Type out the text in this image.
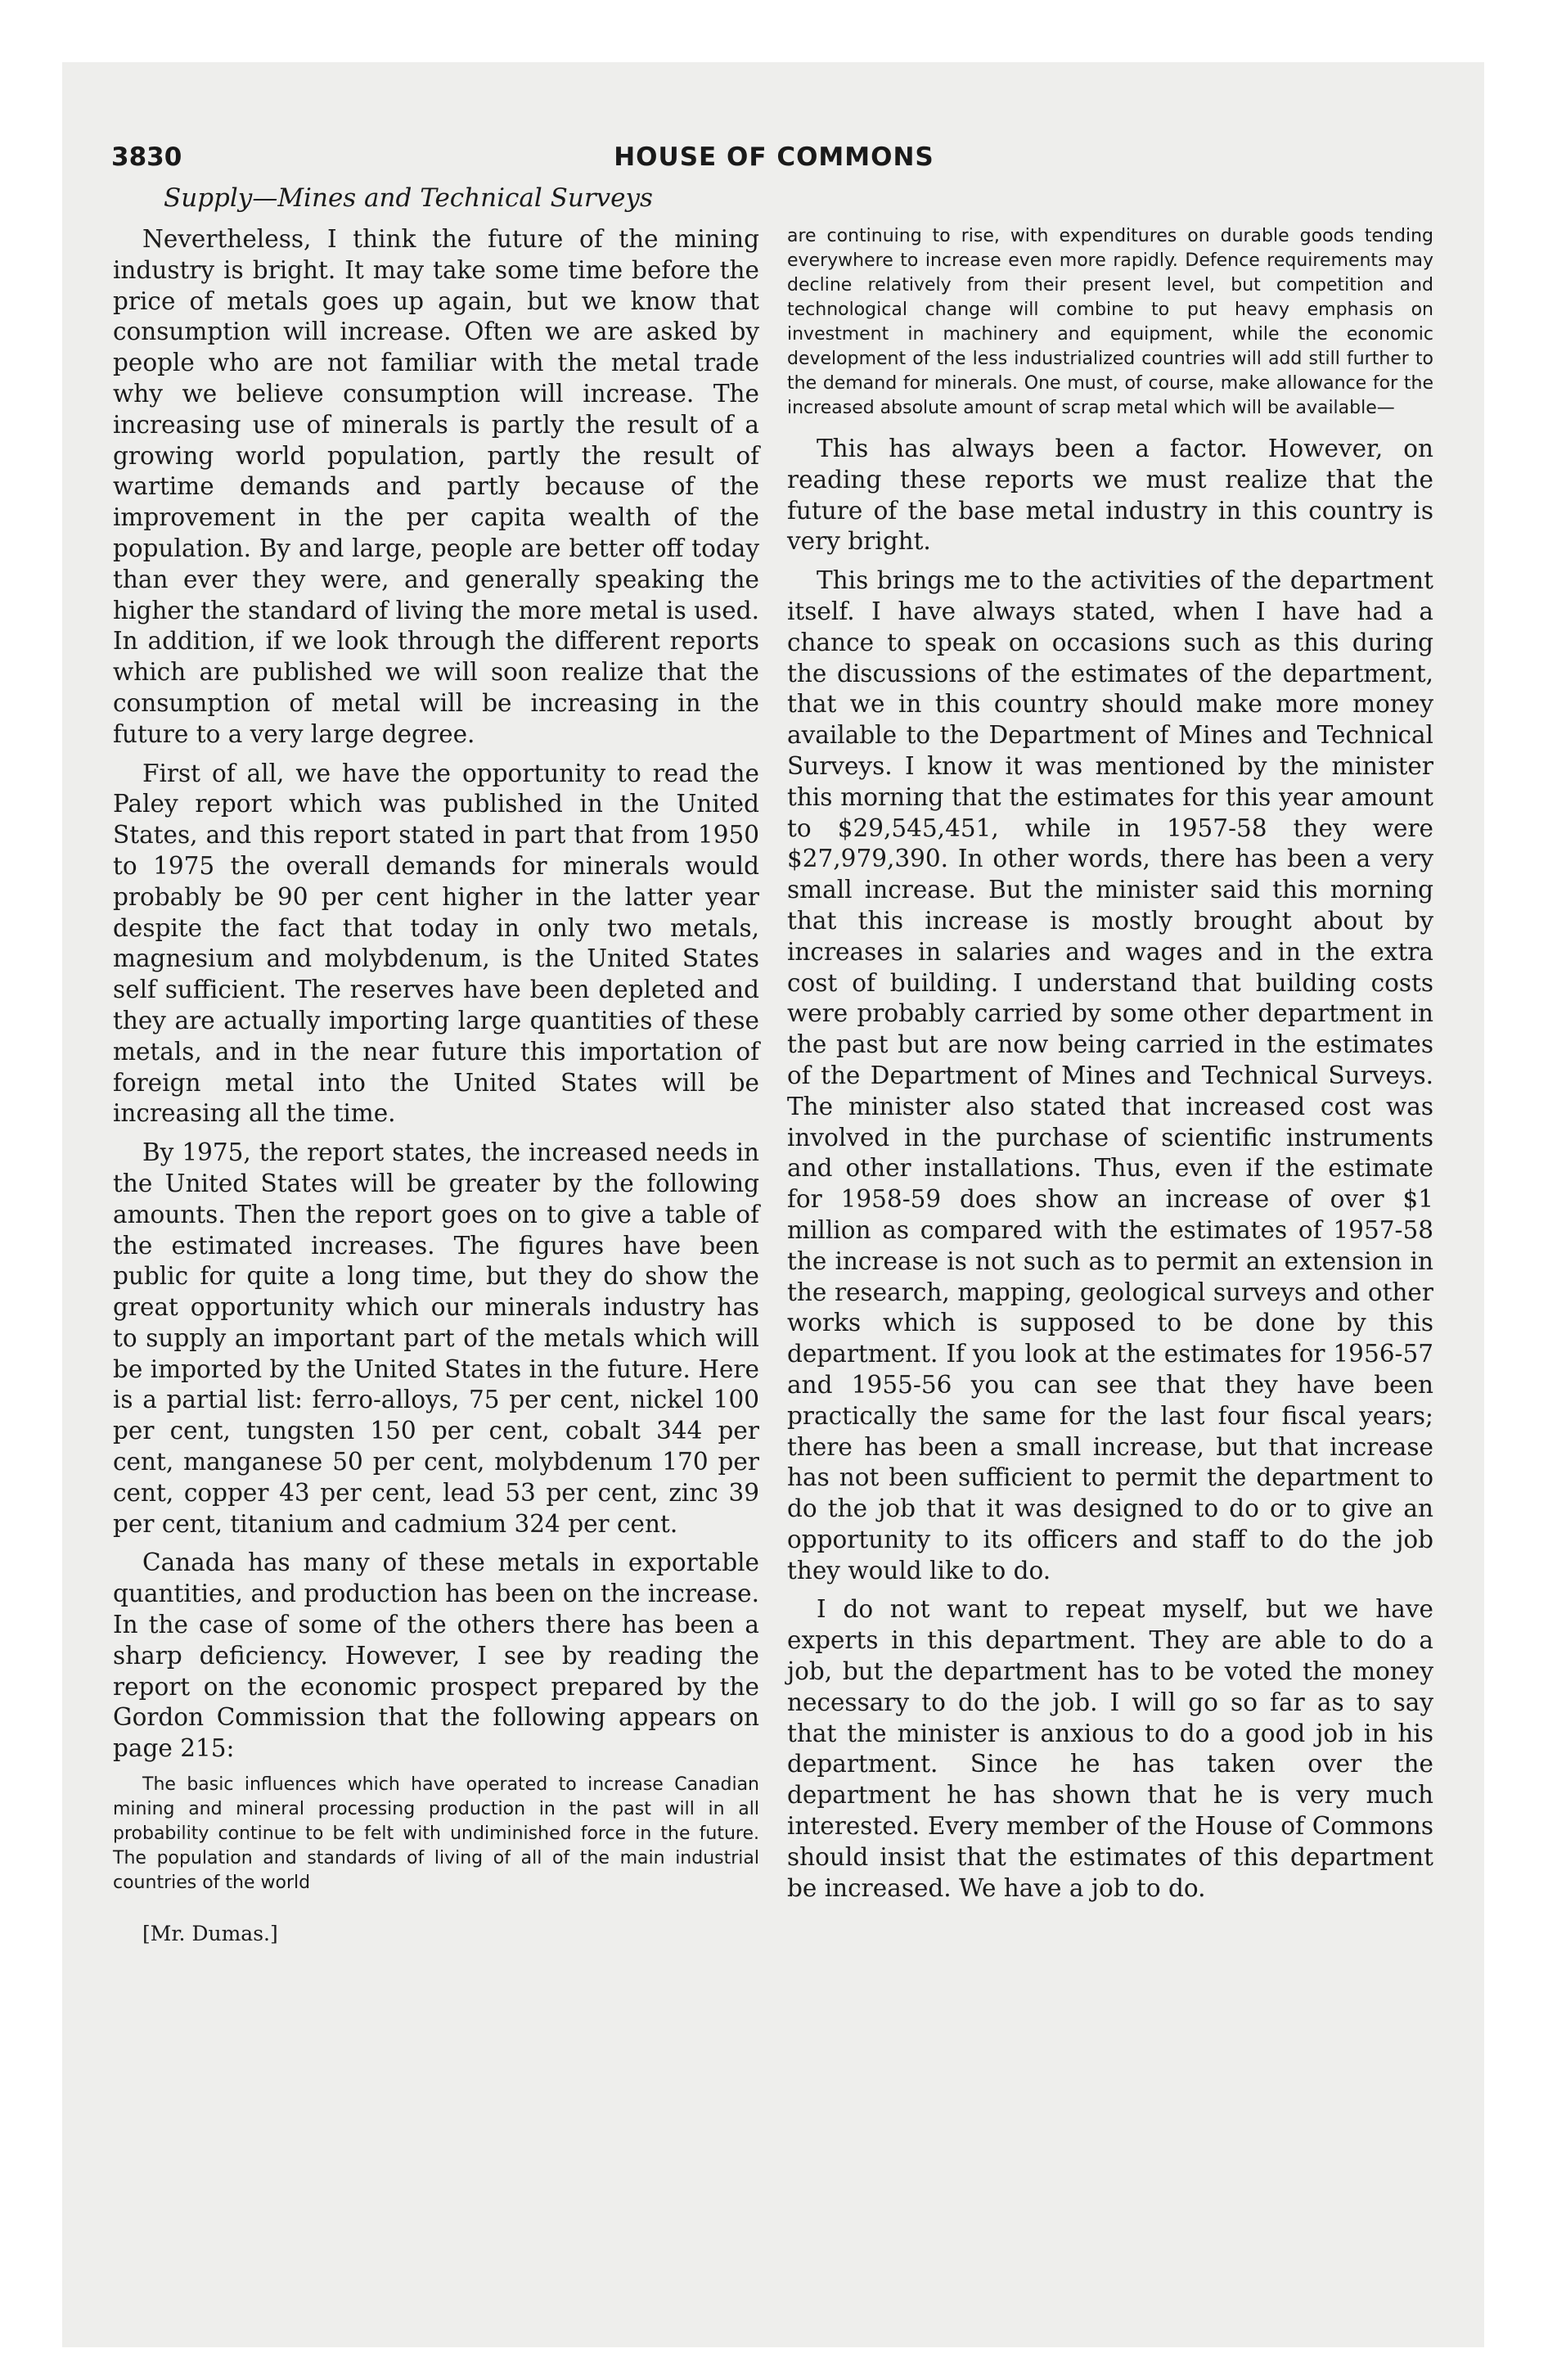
3830	HOUSE OF COMMONS
Supply—Mines and Technical Surveys

Nevertheless, I think the future of the mining industry is bright. It may take some time before the price of metals goes up again, but we know that consumption will increase. Often we are asked by people who are not familiar with the metal trade why we believe consumption will increase. The increasing use of minerals is partly the result of a growing world population, partly the result of wartime demands and partly because of the improvement in the per capita wealth of the population. By and large, people are better off today than ever they were, and generally speaking the higher the standard of living the more metal is used. In addition, if we look through the different reports which are published we will soon realize that the consumption of metal will be increasing in the future to a very large degree.

First of all, we have the opportunity to read the Paley report which was published in the United States, and this report stated in part that from 1950 to 1975 the overall demands for minerals would probably be 90 per cent higher in the latter year despite the fact that today in only two metals, magnesium and molybdenum, is the United States self sufficient. The reserves have been depleted and they are actually importing large quantities of these metals, and in the near future this importation of foreign metal into the United States will be increasing all the time.

By 1975, the report states, the increased needs in the United States will be greater by the following amounts. Then the report goes on to give a table of the estimated increases. The figures have been public for quite a long time, but they do show the great opportunity which our minerals industry has to supply an important part of the metals which will be imported by the United States in the future. Here is a partial list: ferro-alloys, 75 per cent, nickel 100 per cent, tungsten 150 per cent, cobalt 344 per cent, manganese 50 per cent, molybdenum 170 per cent, copper 43 per cent, lead 53 per cent, zinc 39 per cent, titanium and cadmium 324 per cent.

Canada has many of these metals in exportable quantities, and production has been on the increase. In the case of some of the others there has been a sharp deficiency. However, I see by reading the report on the economic prospect prepared by the Gordon Commission that the following appears on page 215:

The basic influences which have operated to increase Canadian mining and mineral processing production in the past will in all probability continue to be felt with undiminished force in the future. The population and standards of living of all of the main industrial countries of the world
[Mr. Dumas.]
are continuing to rise, with expenditures on durable goods tending everywhere to increase even more rapidly. Defence requirements may decline relatively from their present level, but competition and technological change will combine to put heavy emphasis on investment in machinery and equipment, while the economic development of the less industrialized countries will add still further to the demand for minerals. One must, of course, make allowance for the increased absolute amount of scrap metal which will be available—

This has always been a factor. However, on reading these reports we must realize that the future of the base metal industry in this country is very bright.

This brings me to the activities of the department itself. I have always stated, when I have had a chance to speak on occasions such as this during the discussions of the estimates of the department, that we in this country should make more money available to the Department of Mines and Technical Surveys. I know it was mentioned by the minister this morning that the estimates for this year amount to $29,545,451, while in 1957-58 they were $27,979,390. In other words, there has been a very small increase. But the minister said this morning that this increase is mostly brought about by increases in salaries and wages and in the extra cost of building. I understand that building costs were probably carried by some other department in the past but are now being carried in the estimates of the Department of Mines and Technical Surveys. The minister also stated that increased cost was involved in the purchase of scientific instruments and other installations. Thus, even if the estimate for 1958-59 does show an increase of over $1 million as compared with the estimates of 1957-58 the increase is not such as to permit an extension in the research, mapping, geological surveys and other works which is supposed to be done by this department. If you look at the estimates for 1956-57 and 1955-56 you can see that they have been practically the same for the last four fiscal years; there has been a small increase, but that increase has not been sufficient to permit the department to do the job that it was designed to do or to give an opportunity to its officers and staff to do the job they would like to do.

I do not want to repeat myself, but we have experts in this department. They are able to do a job, but the department has to be voted the money necessary to do the job. I will go so far as to say that the minister is anxious to do a good job in his department. Since he has taken over the department he has shown that he is very much interested. Every member of the House of Commons should insist that the estimates of this department be increased. We have a job to do.
